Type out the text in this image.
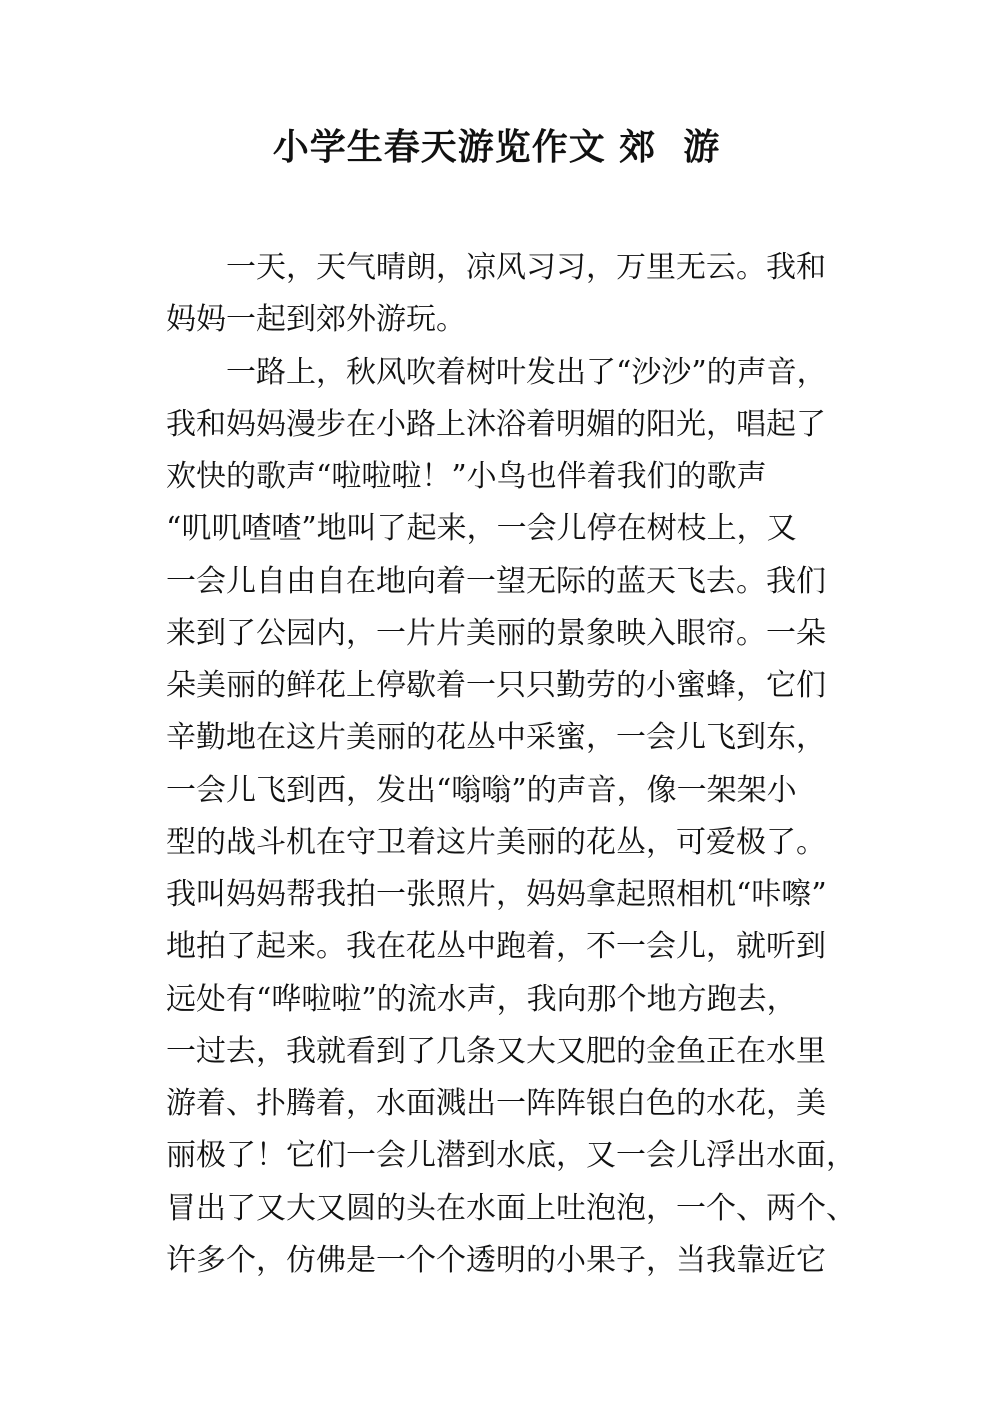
小学生春天游览作文 郊  游
一天，天气晴朗，凉风习习，万里无云。我和
妈妈一起到郊外游玩。
一路上，秋风吹着树叶发出了“沙沙”的声音，
我和妈妈漫步在小路上沐浴着明媚的阳光，唱起了
欢快的歌声“啦啦啦！”小鸟也伴着我们的歌声
“叽叽喳喳”地叫了起来，一会儿停在树枝上，又
一会儿自由自在地向着一望无际的蓝天飞去。我们
来到了公园内，一片片美丽的景象映入眼帘。一朵
朵美丽的鲜花上停歇着一只只勤劳的小蜜蜂，它们
辛勤地在这片美丽的花丛中采蜜，一会儿飞到东，
一会儿飞到西，发出“嗡嗡”的声音，像一架架小
型的战斗机在守卫着这片美丽的花丛，可爱极了。
我叫妈妈帮我拍一张照片，妈妈拿起照相机“咔嚓”
地拍了起来。我在花丛中跑着，不一会儿，就听到
远处有“哗啦啦”的流水声，我向那个地方跑去，
一过去，我就看到了几条又大又肥的金鱼正在水里
游着、扑腾着，水面溅出一阵阵银白色的水花，美
丽极了！它们一会儿潜到水底，又一会儿浮出水面，
冒出了又大又圆的头在水面上吐泡泡，一个、两个、
许多个，仿佛是一个个透明的小果子，当我靠近它
